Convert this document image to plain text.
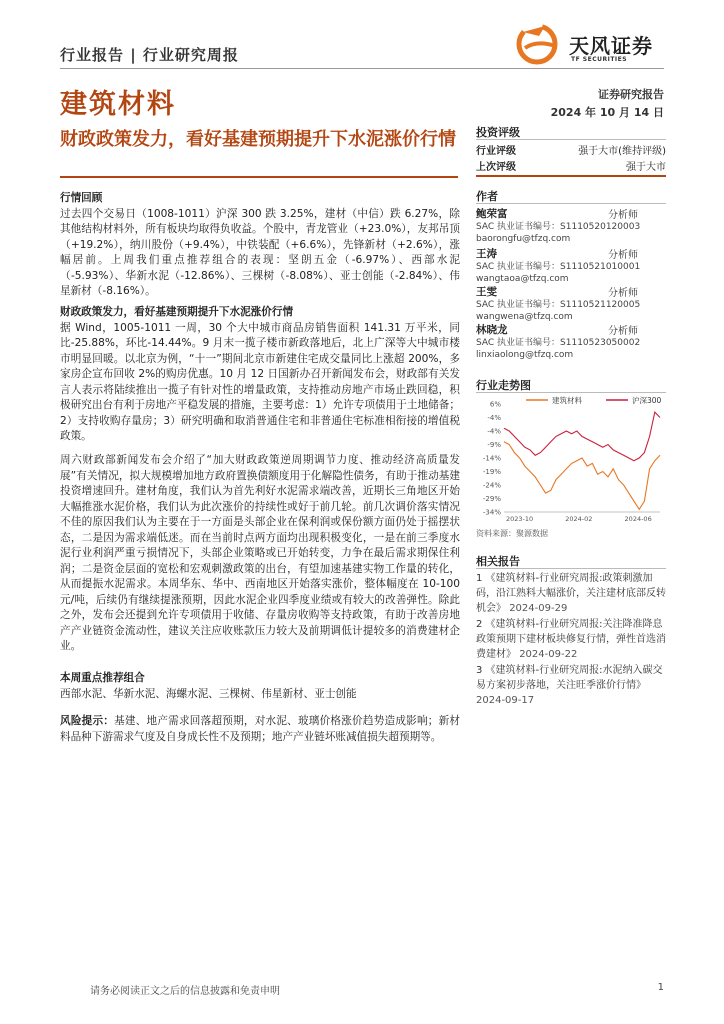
行业报告 | 行业研究周报	天风证券
TF SECURITIES
建筑材料	证券研究报告
2024 年 10 月 14 日
财政政策发力，看好基建预期提升下水泥涨价行情
行情回顾
过去四个交易日（1008-1011）沪深 300 跌 3.25%，建材（中信）跌 6.27%，除其他结构材料外，所有板块均取得负收益。个股中，青龙管业（+23.0%），友邦吊顶（+19.2%），纳川股份（+9.4%），中铁装配（+6.6%），先锋新材（+2.6%），涨幅居前。上周我们重点推荐组合的表现：坚朗五金（-6.97%）、西部水泥（-5.93%）、华新水泥（-12.86%）、三棵树（-8.08%）、亚士创能（-2.84%）、伟星新材（-8.16%）。
财政政策发力，看好基建预期提升下水泥涨价行情
据 Wind，1005-1011 一周，30 个大中城市商品房销售面积 141.31 万平米，同比-25.88%，环比-14.44%。9 月末一揽子楼市新政落地后，北上广深等大中城市楼市明显回暖。以北京为例，“十一”期间北京市新建住宅成交量同比上涨超 200%，多家房企宣布回收 2%的购房优惠。10 月 12 日国新办召开新闻发布会，财政部有关发言人表示将陆续推出一揽子有针对性的增量政策，支持推动房地产市场止跌回稳，积极研究出台有利于房地产平稳发展的措施，主要考虑：1）允许专项债用于土地储备；2）支持收购存量房；3）研究明确和取消普通住宅和非普通住宅标准相衔接的增值税政策。
周六财政部新闻发布会介绍了“加大财政政策逆周期调节力度、推动经济高质量发展”有关情况，拟大规模增加地方政府置换债额度用于化解隐性债务，有助于推动基建投资增速回升。建材角度，我们认为首先利好水泥需求端改善，近期长三角地区开始大幅推涨水泥价格，我们认为此次涨价的持续性或好于前几轮。前几次调价落实情况不佳的原因我们认为主要在于一方面是头部企业在保利润或保份额方面仍处于摇摆状态，二是因为需求端低迷。而在当前时点两方面均出现积极变化，一是在前三季度水泥行业利润严重亏损情况下，头部企业策略或已开始转变，力争在最后需求期保住利润；二是资金层面的宽松和宏观刺激政策的出台，有望加速基建实物工作量的转化，从而提振水泥需求。本周华东、华中、西南地区开始落实涨价，整体幅度在 10-100 元/吨，后续仍有继续提涨预期，因此水泥企业四季度业绩或有较大的改善弹性。除此之外，发布会还提到允许专项债用于收储、存量房收购等支持政策，有助于改善房地产产业链资金流动性，建议关注应收账款压力较大及前期调低计提较多的消费建材企业。
本周重点推荐组合
西部水泥、华新水泥、海螺水泥、三棵树、伟星新材、亚士创能
风险提示：基建、地产需求回落超预期，对水泥、玻璃价格涨价趋势造成影响；新材料品种下游需求气度及自身成长性不及预期；地产产业链坏账减值损失超预期等。
投资评级
行业评级	强于大市(维持评级)
上次评级	强于大市
作者
鲍荣富	分析师
SAC 执业证书编号：S1110520120003
baorongfu@tfzq.com
王涛	分析师
SAC 执业证书编号：S1110521010001
wangtaoa@tfzq.com
王雯	分析师
SAC 执业证书编号：S1110521120005
wangwena@tfzq.com
林晓龙	分析师
SAC 执业证书编号：S1110523050002
linxiaolong@tfzq.com
行业走势图
建筑材料	沪深300
6%
-4%
-4%
-9%
-14%
-19%
-24%
-29%
-34%
2023-10	2024-02	2024-06
资料来源：聚源数据
相关报告
1 《建筑材料-行业研究周报:政策刺激加码，沿江熟料大幅涨价，关注建材底部反转机会》 2024-09-29
2 《建筑材料-行业研究周报:关注降准降息政策预期下建材板块修复行情，弹性首选消费建材》 2024-09-22
3 《建筑材料-行业研究周报:水泥纳入碳交易方案初步落地，关注旺季涨价行情》 2024-09-17
请务必阅读正文之后的信息披露和免责申明	1
